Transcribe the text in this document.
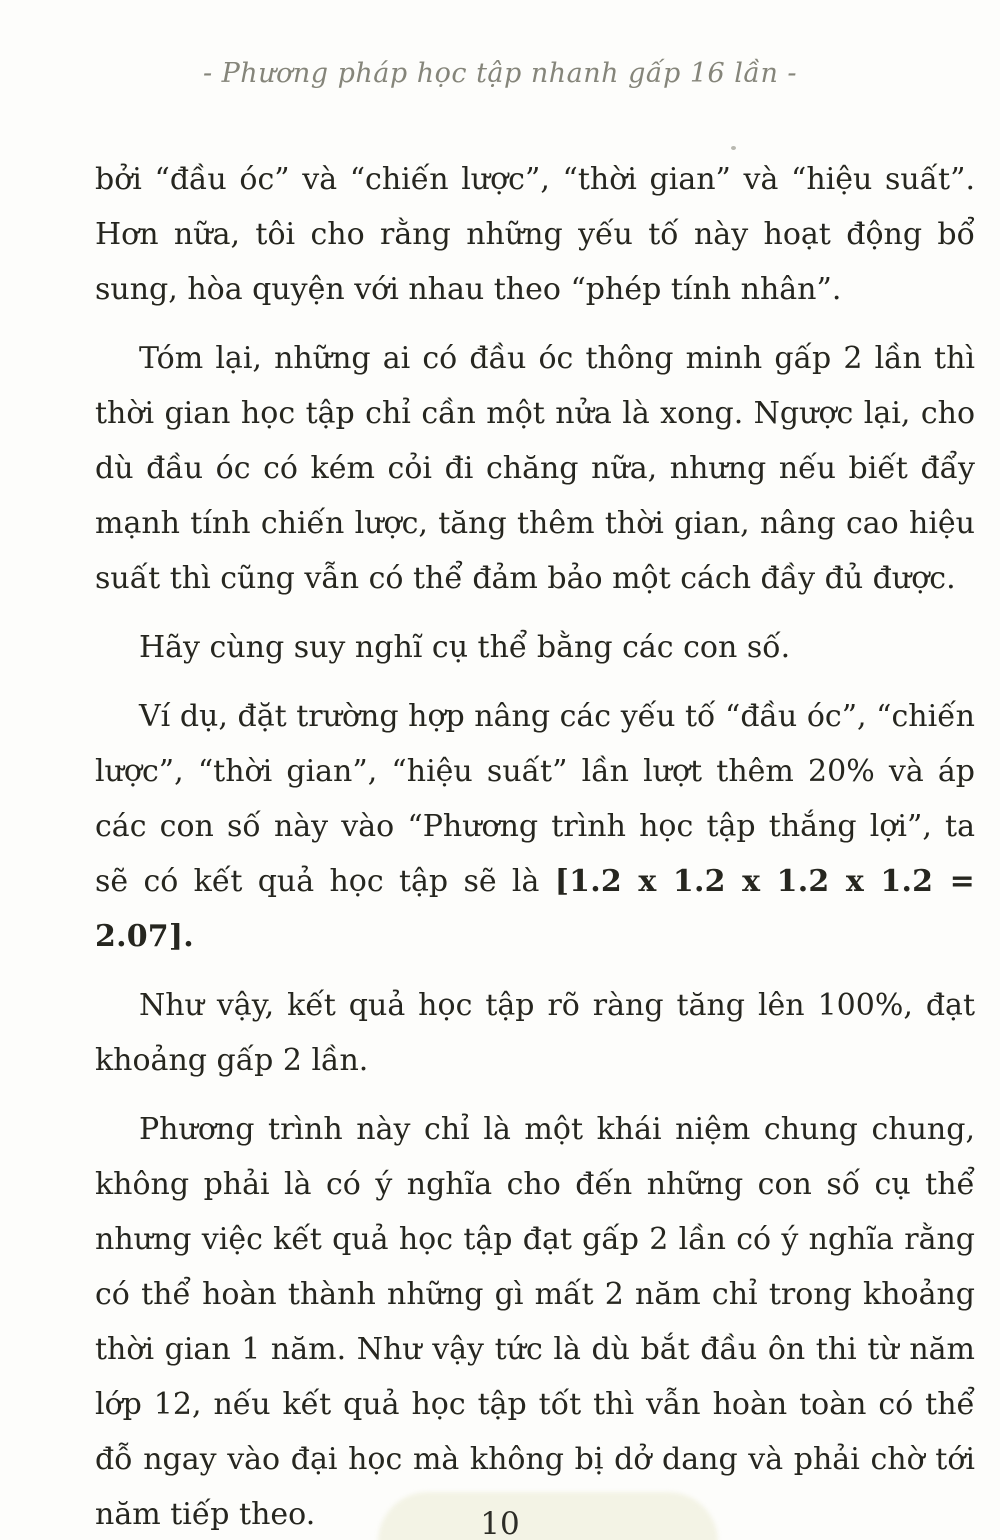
- Phương pháp học tập nhanh gấp 16 lần -

bởi “đầu óc” và “chiến lược”, “thời gian” và “hiệu suất”. Hơn nữa, tôi cho rằng những yếu tố này hoạt động bổ sung, hòa quyện với nhau theo “phép tính nhân”.

Tóm lại, những ai có đầu óc thông minh gấp 2 lần thì thời gian học tập chỉ cần một nửa là xong. Ngược lại, cho dù đầu óc có kém cỏi đi chăng nữa, nhưng nếu biết đẩy mạnh tính chiến lược, tăng thêm thời gian, nâng cao hiệu suất thì cũng vẫn có thể đảm bảo một cách đầy đủ được.

Hãy cùng suy nghĩ cụ thể bằng các con số.

Ví dụ, đặt trường hợp nâng các yếu tố “đầu óc”, “chiến lược”, “thời gian”, “hiệu suất” lần lượt thêm 20% và áp các con số này vào “Phương trình học tập thắng lợi”, ta sẽ có kết quả học tập sẽ là [1.2 x 1.2 x 1.2 x 1.2 = 2.07].

Như vậy, kết quả học tập rõ ràng tăng lên 100%, đạt khoảng gấp 2 lần.

Phương trình này chỉ là một khái niệm chung chung, không phải là có ý nghĩa cho đến những con số cụ thể nhưng việc kết quả học tập đạt gấp 2 lần có ý nghĩa rằng có thể hoàn thành những gì mất 2 năm chỉ trong khoảng thời gian 1 năm. Như vậy tức là dù bắt đầu ôn thi từ năm lớp 12, nếu kết quả học tập tốt thì vẫn hoàn toàn có thể đỗ ngay vào đại học mà không bị dở dang và phải chờ tới năm tiếp theo.	10
